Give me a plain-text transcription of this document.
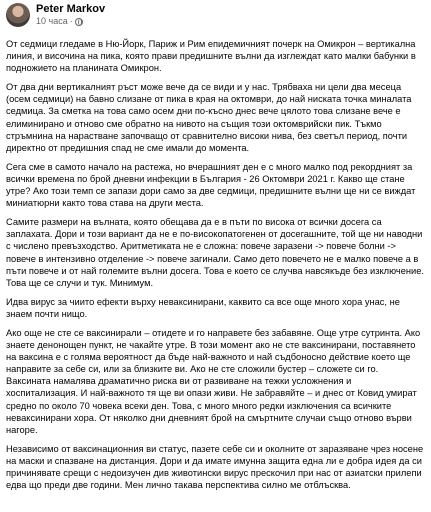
Peter Markov
10 часа ·

От седмици гледаме в Ню-Йорк, Париж и Рим епидемичният почерк на Омикрон – вертикална линия, и височина на пика, която прави предишните вълни да изглеждат като малки бабунки в подножието на планината Омикрон.

От два дни вертикалният ръст може вече да се види и у нас. Трябваха ни цели два месеца (осем седмици) на бавно слизане от пика в края на октомври, до най ниската точка миналата седмица. За сметка на това само осем дни по-късно днес вече цялото това слизане вече е елиминирано и отново сме обратно на нивото на същия този октомврийски пик. Тъкмо стръмнина на нарастване започващо от сравнително високи нива, без светъл период, почти директно от предишния спад не сме имали до момента.

Сега сме в самото начало на растежа, но вчерашният ден е с много малко под рекордният за всички времена по брой дневни инфекции в България - 26 Октомври 2021 г. Какво ще стане утре? Ако този темп се запази дори само за две седмици, предишните вълни ще ни се виждат миниатюрни както това става на други места.

Самите размери на вълната, която обещава да е в пъти по висока от всички досега са заплахата. Дори и този вариант да не е по-високопатогенен от досегашните, той ще ни наводни с числено превъзходство. Аритметиката не е сложна: повече заразени -> повече болни -> повече в интензивно отделение -> повече загинали. Само дето повечето не е малко повече а в пъти повече и от най големите вълни досега. Това е което се случва навсякъде без изключение. Това ще се случи и тук. Минимум.

Идва вирус за чиито ефекти върху неваксинирани, каквито са все още много хора унас, не знаем почти нищо.

Ако още не сте се ваксинирали – отидете и го направете без забавяне. Още утре сутринта. Ако знаете денонощен пункт, не чакайте утре. В този момент ако не сте ваксинирани, поставянето на ваксина е с голяма вероятност да бъде най-важното и най съдбоносно действие което ще направите за себе си, или за близките ви. Ако не сте сложили бустер – сложете си го. Ваксината намалява драматично риска ви от развиване на тежки усложнения и хоспитализация. И най-важното тя ще ви опази живи. Не забравяйте – и днес от Ковид умират средно по около 70 човека всеки ден. Това, с много много редки изключения са всичките неваксинирани хора. От няколко дни дневният брой на смъртните случаи също отново върви нагоре.

Независимо от ваксинационния ви статус, пазете себе си и околните от заразяване чрез носене на маски и спазване на дистанция. Дори и да имате имунна защита една ли е добра идея да си причинявате срещи с недоизучен див животински вирус прескочил при нас от азиатски прилепи едва що преди две години. Мен лично такава перспектива силно ме отблъсква.
